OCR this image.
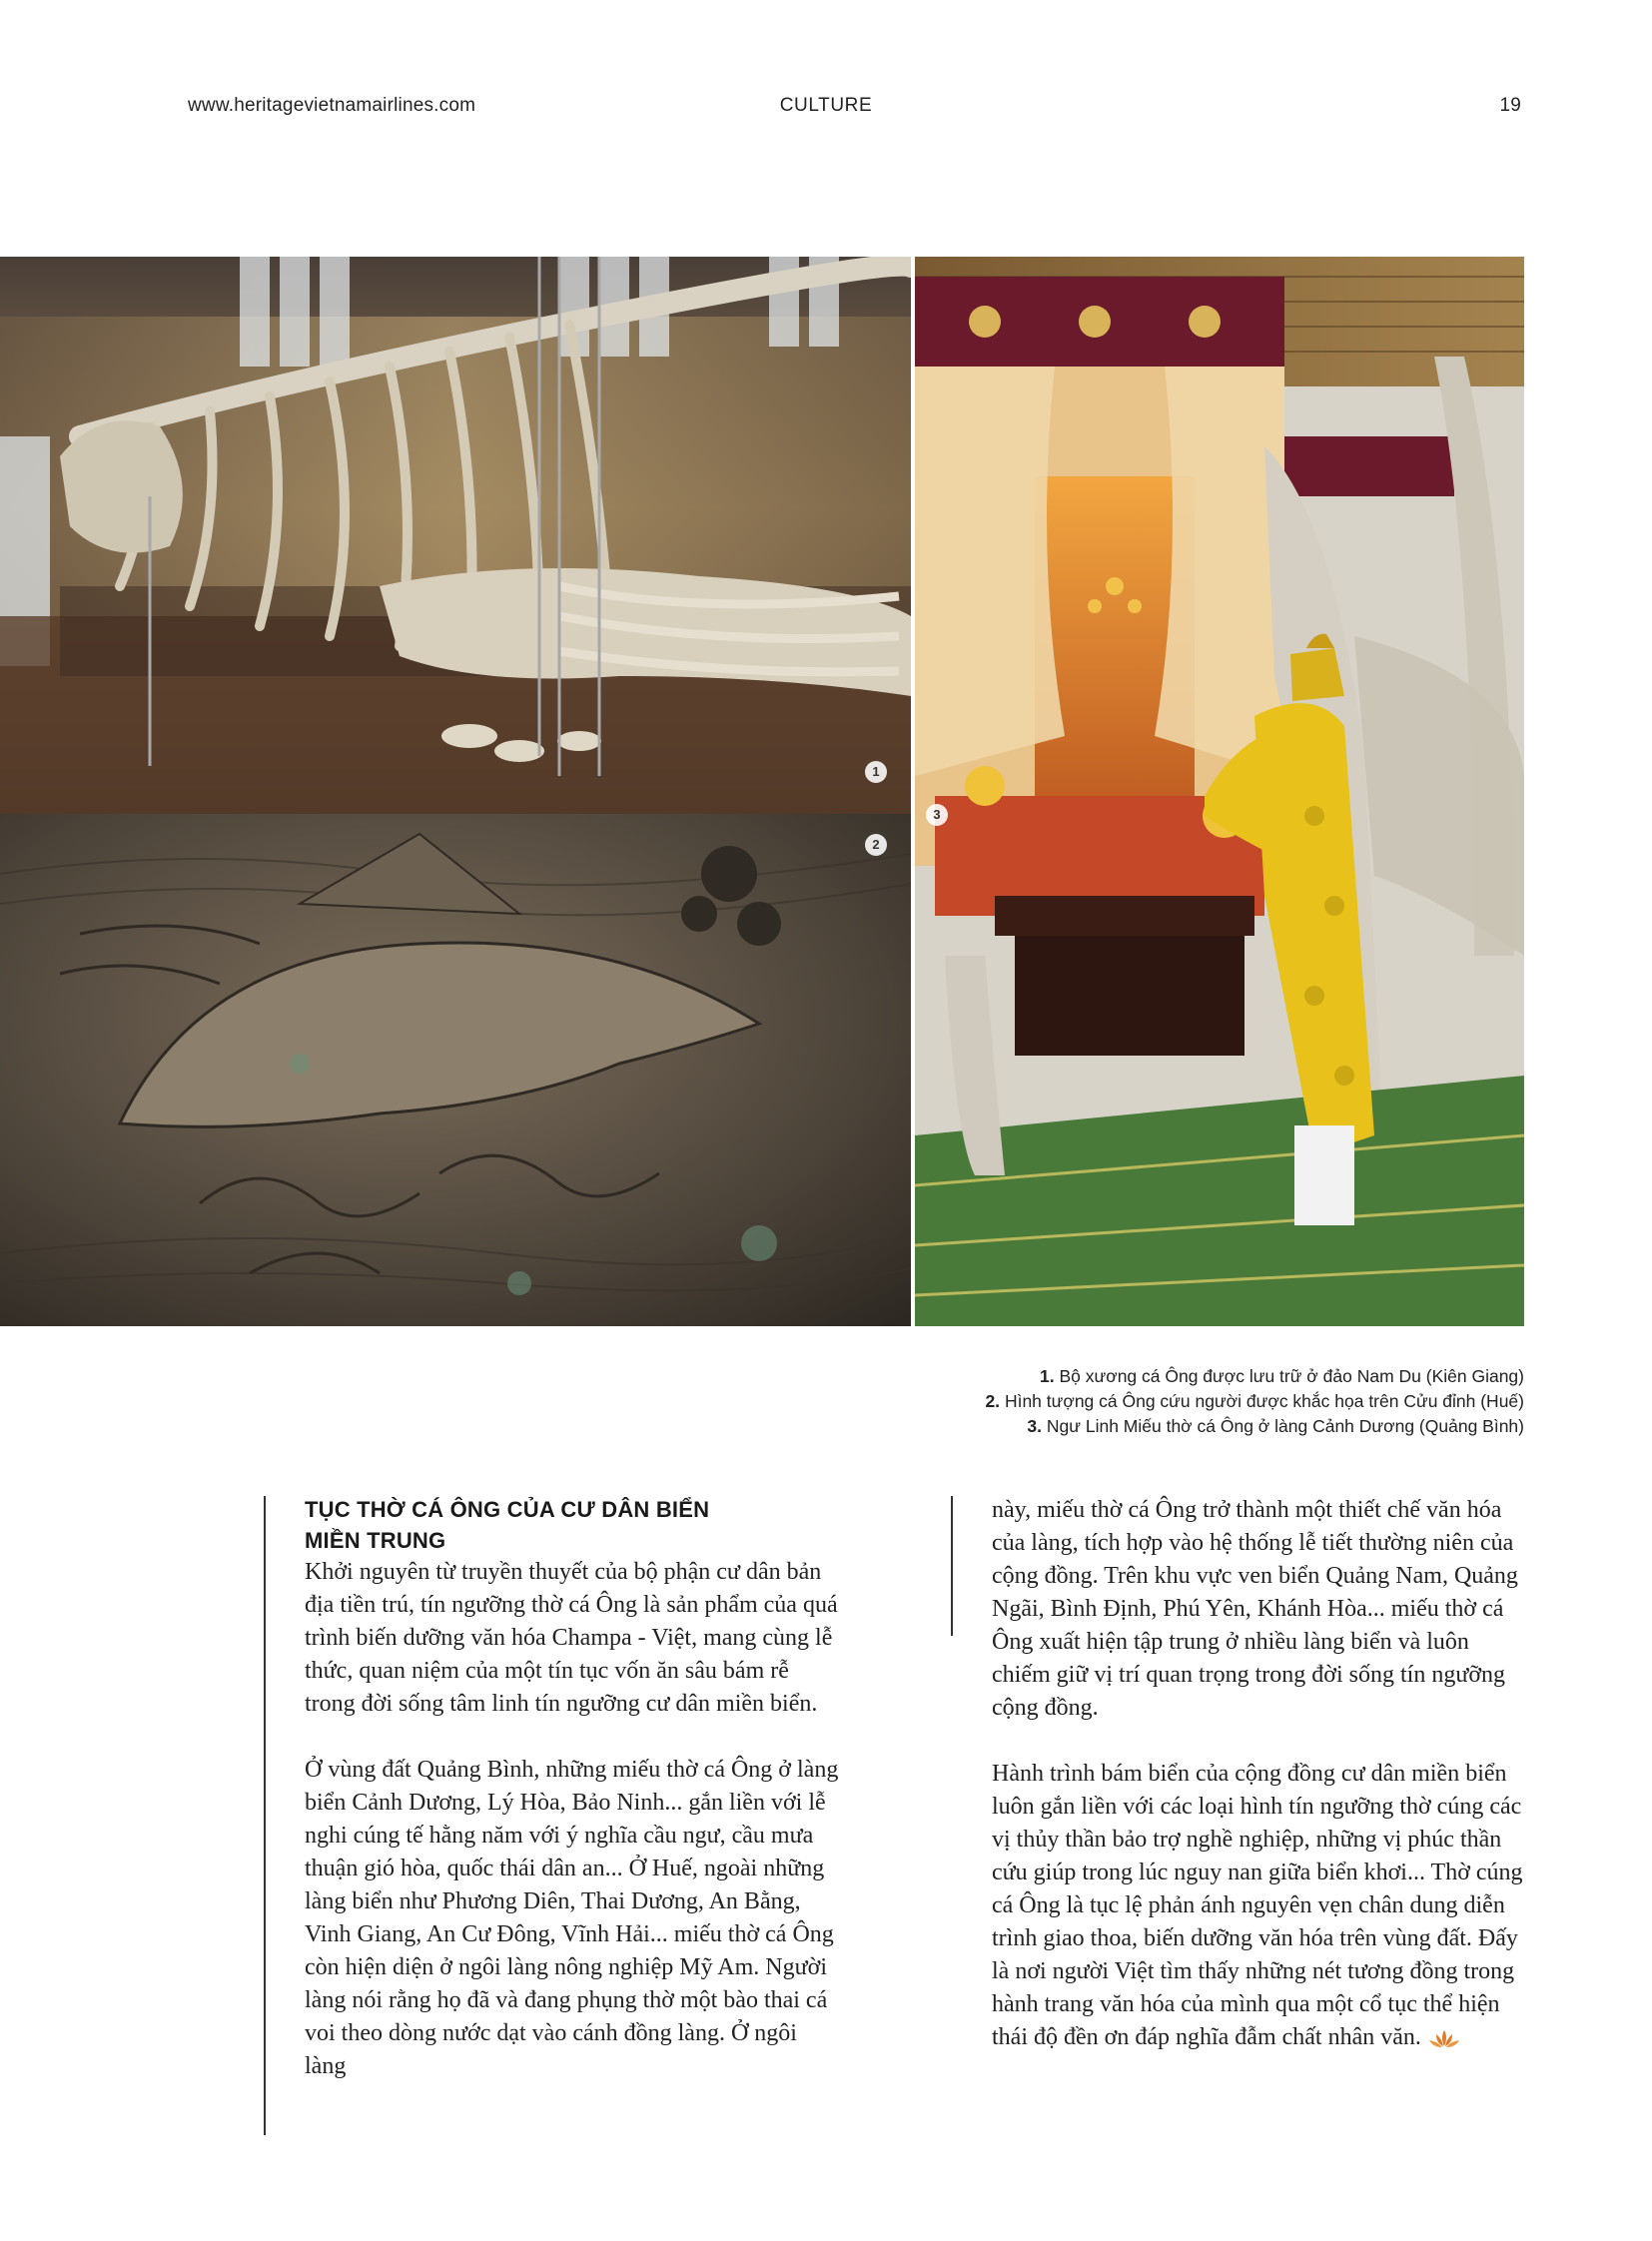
www.heritagevietnamairlines.com	CULTURE	19
1
2
3
1. Bộ xương cá Ông được lưu trữ ở đảo Nam Du (Kiên Giang)
2. Hình tượng cá Ông cứu người được khắc họa trên Cửu đỉnh (Huế)
3. Ngư Linh Miếu thờ cá Ông ở làng Cảnh Dương (Quảng Bình)
TỤC THỜ CÁ ÔNG CỦA CƯ DÂN BIỂN MIỀN TRUNG

Khởi nguyên từ truyền thuyết của bộ phận cư dân bản địa tiền trú, tín ngưỡng thờ cá Ông là sản phẩm của quá trình biến dưỡng văn hóa Champa - Việt, mang cùng lễ thức, quan niệm của một tín tục vốn ăn sâu bám rễ trong đời sống tâm linh tín ngưỡng cư dân miền biển.

Ở vùng đất Quảng Bình, những miếu thờ cá Ông ở làng biển Cảnh Dương, Lý Hòa, Bảo Ninh... gắn liền với lễ nghi cúng tế hằng năm với ý nghĩa cầu ngư, cầu mưa thuận gió hòa, quốc thái dân an... Ở Huế, ngoài những làng biển như Phương Diên, Thai Dương, An Bằng, Vinh Giang, An Cư Đông, Vĩnh Hải... miếu thờ cá Ông còn hiện diện ở ngôi làng nông nghiệp Mỹ Am. Người làng nói rằng họ đã và đang phụng thờ một bào thai cá voi theo dòng nước dạt vào cánh đồng làng. Ở ngôi làng

này, miếu thờ cá Ông trở thành một thiết chế văn hóa của làng, tích hợp vào hệ thống lễ tiết thường niên của cộng đồng. Trên khu vực ven biển Quảng Nam, Quảng Ngãi, Bình Định, Phú Yên, Khánh Hòa... miếu thờ cá Ông xuất hiện tập trung ở nhiều làng biển và luôn chiếm giữ vị trí quan trọng trong đời sống tín ngưỡng cộng đồng.

Hành trình bám biển của cộng đồng cư dân miền biển luôn gắn liền với các loại hình tín ngưỡng thờ cúng các vị thủy thần bảo trợ nghề nghiệp, những vị phúc thần cứu giúp trong lúc nguy nan giữa biển khơi... Thờ cúng cá Ông là tục lệ phản ánh nguyên vẹn chân dung diễn trình giao thoa, biến dưỡng văn hóa trên vùng đất. Đấy là nơi người Việt tìm thấy những nét tương đồng trong hành trang văn hóa của mình qua một cổ tục thể hiện thái độ đền ơn đáp nghĩa đẫm chất nhân văn.
